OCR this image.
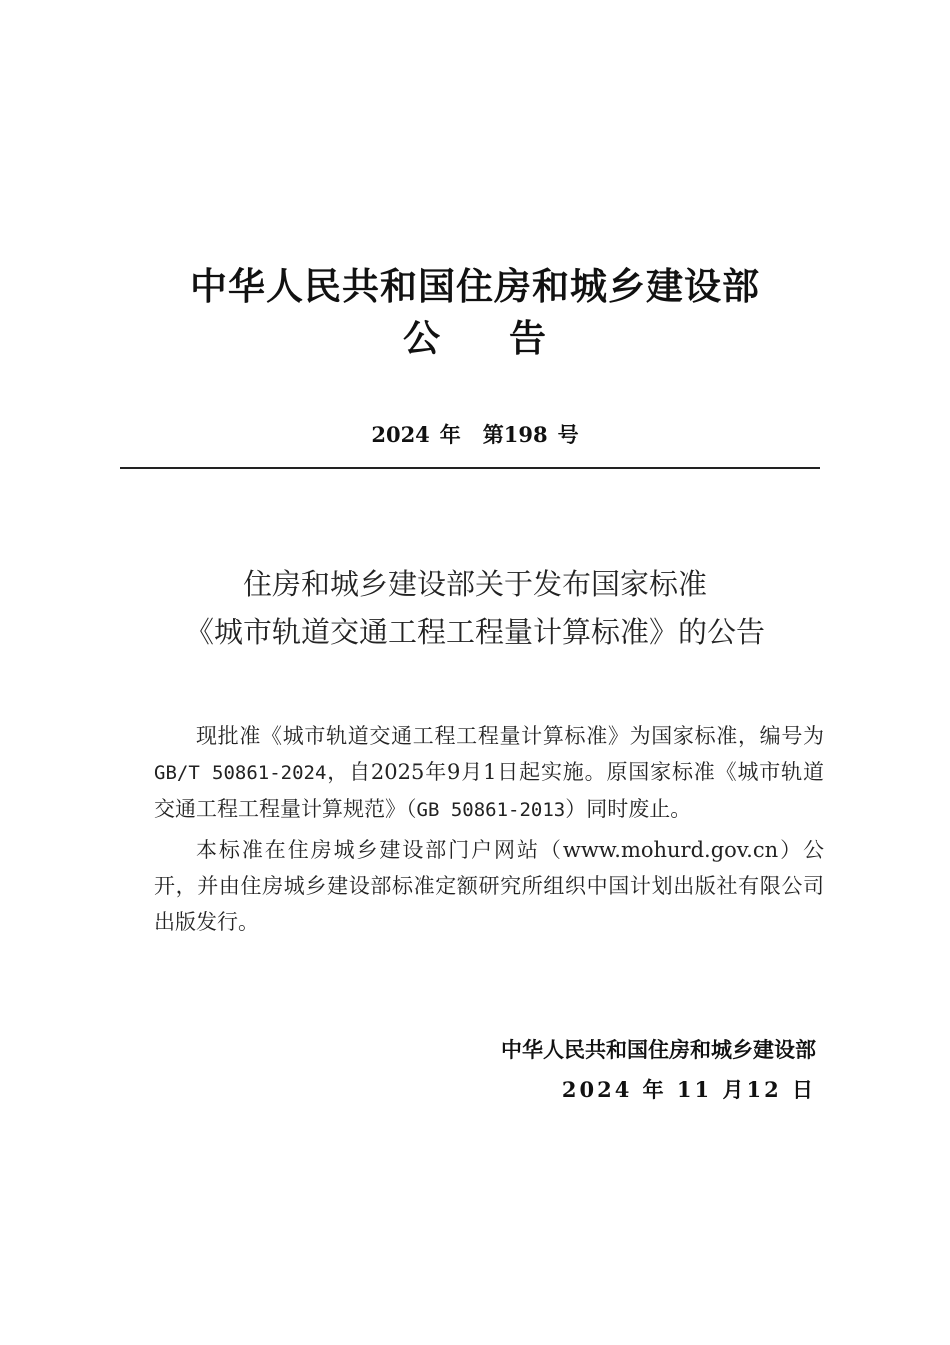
中华人民共和国住房和城乡建设部
公 告
2024 年 第198 号
住房和城乡建设部关于发布国家标准
《城市轨道交通工程工程量计算标准》的公告

现批准《城市轨道交通工程工程量计算标准》为国家标准，编号为GB/T 50861-2024，自2025年9月1日起实施。原国家标准《城市轨道交通工程工程量计算规范》（GB 50861-2013）同时废止。

本标准在住房城乡建设部门户网站（www.mohurd.gov.cn）公开，并由住房城乡建设部标准定额研究所组织中国计划出版社有限公司出版发行。

中华人民共和国住房和城乡建设部
2024 年 11 月12 日
